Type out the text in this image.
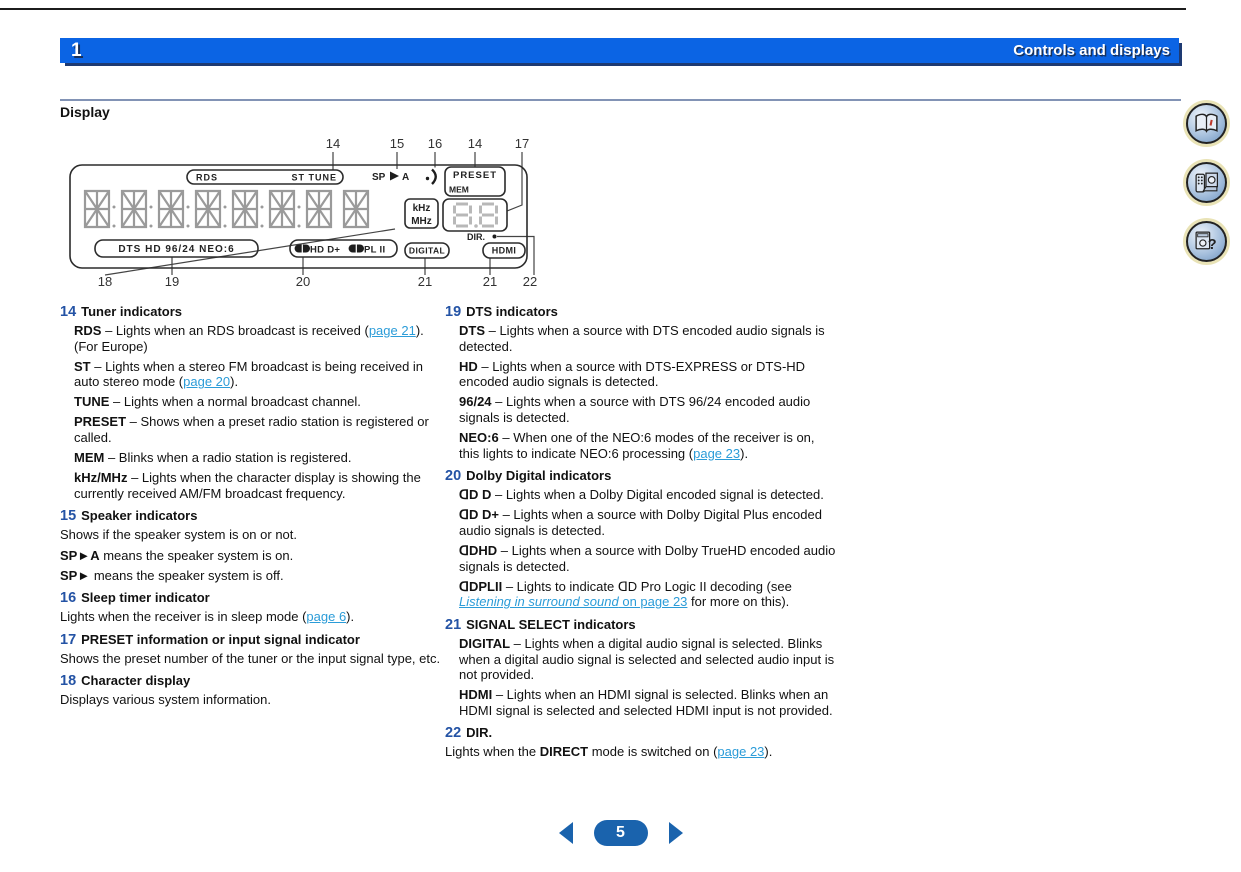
1	Controls and displays
Display
14	15 16 14	17
RDS	ST TUNE	SP A	PRESET
MEM
kHz
MHz
DTS HD 96/24 NEO:6	HD D+ PL II	DIGITAL	HDMI
DIR.
18	19	20	21	21 22
14 Tuner indicators

RDS – Lights when an RDS broadcast is received (page 21). (For Europe)

ST – Lights when a stereo FM broadcast is being received in auto stereo mode (page 20).

TUNE – Lights when a normal broadcast channel.

PRESET – Shows when a preset radio station is registered or called.

MEM – Blinks when a radio station is registered.

kHz/MHz – Lights when the character display is showing the currently received AM/FM broadcast frequency.

15 Speaker indicators

Shows if the speaker system is on or not.

SP►A means the speaker system is on.

SP► means the speaker system is off.

16 Sleep timer indicator

Lights when the receiver is in sleep mode (page 6).

17 PRESET information or input signal indicator

Shows the preset number of the tuner or the input signal type, etc.

18 Character display

Displays various system information.

19 DTS indicators

DTS – Lights when a source with DTS encoded audio signals is detected.

HD – Lights when a source with DTS-EXPRESS or DTS-HD encoded audio signals is detected.

96/24 – Lights when a source with DTS 96/24 encoded audio signals is detected.

NEO:6 – When one of the NEO:6 modes of the receiver is on, this lights to indicate NEO:6 processing (page 23).

20 Dolby Digital indicators

ᗡD D – Lights when a Dolby Digital encoded signal is detected.

ᗡD D+ – Lights when a source with Dolby Digital Plus encoded audio signals is detected.

ᗡDHD – Lights when a source with Dolby TrueHD encoded audio signals is detected.

ᗡDPLII – Lights to indicate ᗡD Pro Logic II decoding (see Listening in surround sound on page 23 for more on this).

21 SIGNAL SELECT indicators

DIGITAL – Lights when a digital audio signal is selected. Blinks when a digital audio signal is selected and selected audio input is not provided.

HDMI – Lights when an HDMI signal is selected. Blinks when an HDMI signal is selected and selected HDMI input is not provided.

22 DIR.

Lights when the DIRECT mode is switched on (page 23).

?
5
